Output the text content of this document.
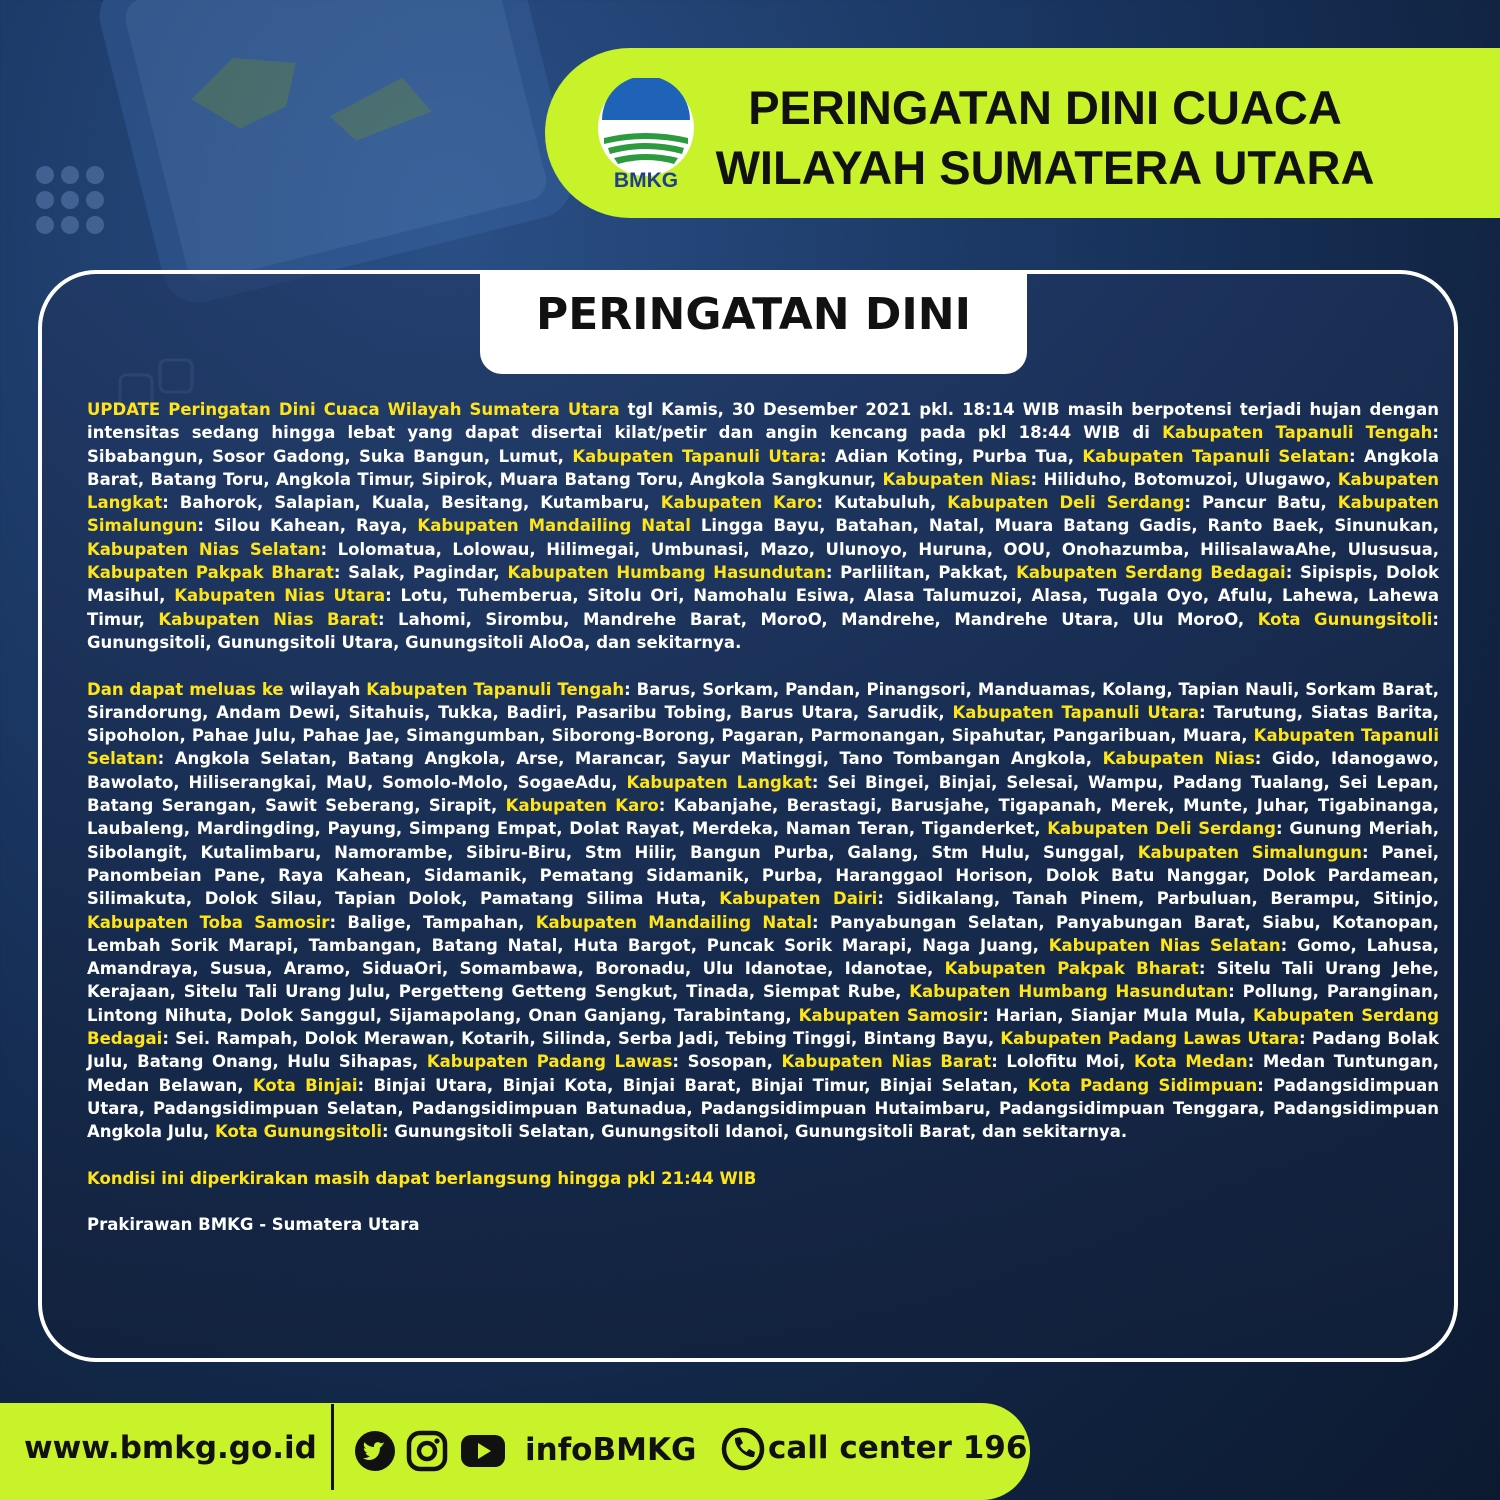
BMKG
PERINGATAN DINI CUACA
WILAYAH SUMATERA UTARA
PERINGATAN DINI

UPDATE Peringatan Dini Cuaca Wilayah Sumatera Utara tgl Kamis, 30 Desember 2021 pkl. 18:14 WIB masih berpotensi terjadi hujan dengan intensitas sedang hingga lebat yang dapat disertai kilat/petir dan angin kencang pada pkl 18:44 WIB di Kabupaten Tapanuli Tengah: Sibabangun, Sosor Gadong, Suka Bangun, Lumut, Kabupaten Tapanuli Utara: Adian Koting, Purba Tua, Kabupaten Tapanuli Selatan: Angkola Barat, Batang Toru, Angkola Timur, Sipirok, Muara Batang Toru, Angkola Sangkunur, Kabupaten Nias: Hiliduho, Botomuzoi, Ulugawo, Kabupaten Langkat: Bahorok, Salapian, Kuala, Besitang, Kutambaru, Kabupaten Karo: Kutabuluh, Kabupaten Deli Serdang: Pancur Batu, Kabupaten Simalungun: Silou Kahean, Raya, Kabupaten Mandailing Natal Lingga Bayu, Batahan, Natal, Muara Batang Gadis, Ranto Baek, Sinunukan, Kabupaten Nias Selatan: Lolomatua, Lolowau, Hilimegai, Umbunasi, Mazo, Ulunoyo, Huruna, OOU, Onohazumba, HilisalawaAhe, Ulususua, Kabupaten Pakpak Bharat: Salak, Pagindar, Kabupaten Humbang Hasundutan: Parlilitan, Pakkat, Kabupaten Serdang Bedagai: Sipispis, Dolok Masihul, Kabupaten Nias Utara: Lotu, Tuhemberua, Sitolu Ori, Namohalu Esiwa, Alasa Talumuzoi, Alasa, Tugala Oyo, Afulu, Lahewa, Lahewa Timur, Kabupaten Nias Barat: Lahomi, Sirombu, Mandrehe Barat, MoroO, Mandrehe, Mandrehe Utara, Ulu MoroO, Kota Gunungsitoli: Gunungsitoli, Gunungsitoli Utara, Gunungsitoli AloOa, dan sekitarnya.

Dan dapat meluas ke wilayah Kabupaten Tapanuli Tengah: Barus, Sorkam, Pandan, Pinangsori, Manduamas, Kolang, Tapian Nauli, Sorkam Barat, Sirandorung, Andam Dewi, Sitahuis, Tukka, Badiri, Pasaribu Tobing, Barus Utara, Sarudik, Kabupaten Tapanuli Utara: Tarutung, Siatas Barita, Sipoholon, Pahae Julu, Pahae Jae, Simangumban, Siborong-Borong, Pagaran, Parmonangan, Sipahutar, Pangaribuan, Muara, Kabupaten Tapanuli Selatan: Angkola Selatan, Batang Angkola, Arse, Marancar, Sayur Matinggi, Tano Tombangan Angkola, Kabupaten Nias: Gido, Idanogawo, Bawolato, Hiliserangkai, MaU, Somolo-Molo, SogaeAdu, Kabupaten Langkat: Sei Bingei, Binjai, Selesai, Wampu, Padang Tualang, Sei Lepan, Batang Serangan, Sawit Seberang, Sirapit, Kabupaten Karo: Kabanjahe, Berastagi, Barusjahe, Tigapanah, Merek, Munte, Juhar, Tigabinanga, Laubaleng, Mardingding, Payung, Simpang Empat, Dolat Rayat, Merdeka, Naman Teran, Tiganderket, Kabupaten Deli Serdang: Gunung Meriah, Sibolangit, Kutalimbaru, Namorambe, Sibiru-Biru, Stm Hilir, Bangun Purba, Galang, Stm Hulu, Sunggal, Kabupaten Simalungun: Panei, Panombeian Pane, Raya Kahean, Sidamanik, Pematang Sidamanik, Purba, Haranggaol Horison, Dolok Batu Nanggar, Dolok Pardamean, Silimakuta, Dolok Silau, Tapian Dolok, Pamatang Silima Huta, Kabupaten Dairi: Sidikalang, Tanah Pinem, Parbuluan, Berampu, Sitinjo, Kabupaten Toba Samosir: Balige, Tampahan, Kabupaten Mandailing Natal: Panyabungan Selatan, Panyabungan Barat, Siabu, Kotanopan, Lembah Sorik Marapi, Tambangan, Batang Natal, Huta Bargot, Puncak Sorik Marapi, Naga Juang, Kabupaten Nias Selatan: Gomo, Lahusa, Amandraya, Susua, Aramo, SiduaOri, Somambawa, Boronadu, Ulu Idanotae, Idanotae, Kabupaten Pakpak Bharat: Sitelu Tali Urang Jehe, Kerajaan, Sitelu Tali Urang Julu, Pergetteng Getteng Sengkut, Tinada, Siempat Rube, Kabupaten Humbang Hasundutan: Pollung, Paranginan, Lintong Nihuta, Dolok Sanggul, Sijamapolang, Onan Ganjang, Tarabintang, Kabupaten Samosir: Harian, Sianjar Mula Mula, Kabupaten Serdang Bedagai: Sei. Rampah, Dolok Merawan, Kotarih, Silinda, Serba Jadi, Tebing Tinggi, Bintang Bayu, Kabupaten Padang Lawas Utara: Padang Bolak Julu, Batang Onang, Hulu Sihapas, Kabupaten Padang Lawas: Sosopan, Kabupaten Nias Barat: Lolofitu Moi, Kota Medan: Medan Tuntungan, Medan Belawan, Kota Binjai: Binjai Utara, Binjai Kota, Binjai Barat, Binjai Timur, Binjai Selatan, Kota Padang Sidimpuan: Padangsidimpuan Utara, Padangsidimpuan Selatan, Padangsidimpuan Batunadua, Padangsidimpuan Hutaimbaru, Padangsidimpuan Tenggara, Padangsidimpuan Angkola Julu, Kota Gunungsitoli: Gunungsitoli Selatan, Gunungsitoli Idanoi, Gunungsitoli Barat, dan sekitarnya.

Kondisi ini diperkirakan masih dapat berlangsung hingga pkl 21:44 WIB

Prakirawan BMKG - Sumatera Utara

www.bmkg.go.id	infoBMKG call center 196
